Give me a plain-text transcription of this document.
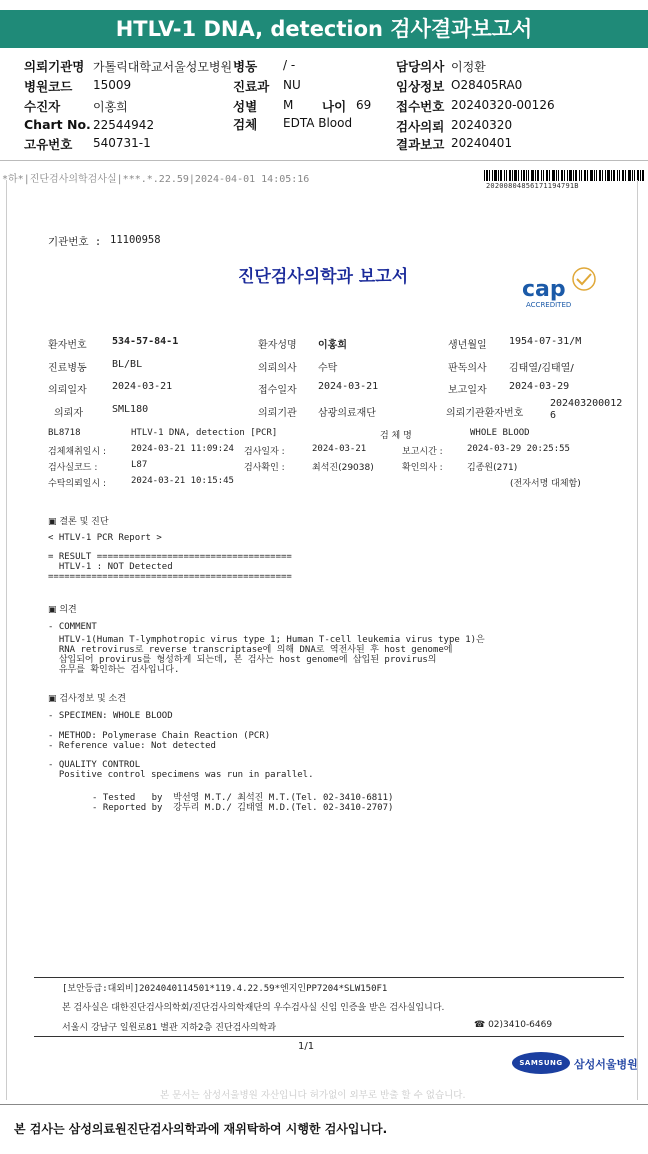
HTLV-1 DNA, detection 검사결과보고서
의뢰기관명 가톨릭대학교서울성모병원 병동 / -	담당의사 이정환
병원코드 15009	진료과 NU	임상정보 O28405RA0
수진자	이홍희	성별 M 나이 69 접수번호 20240320-00126
Chart No. 22544942	검체 EDTA Blood	검사의뢰 20240320
고유번호 540731-1	결과보고 20240401
*하*|진단검사의학검사실|***.*.22.59|2024-04-01 14:05:16
20200804856171194791B
기관번호 : 11100958
진단검사의학과 보고서	cap
ACCREDITED
환자번호	534-57-84-1	환자성명 이홍희	생년월일 1954-07-31/M
진료병동	BL/BL	의뢰의사 수탁	판독의사 김태열/김태열/
의뢰일자	2024-03-21	접수일자 2024-03-21	보고일자 2024-03-29
의뢰자	SML180	의뢰기관 삼광의료재단	의뢰기관환자번호
202403200012
6
BL8718	HTLV-1 DNA, detection [PCR]	검 체 명	WHOLE BLOOD
검체채취일시 :	2024-03-21 11:09:24 검사일자 :	2024-03-21	보고시간 :	2024-03-29 20:25:55
검사실코드 :	L87	검사확인 :	최석진(29038)	확인의사 :	김종원(271)
수탁의뢰일시 :	2024-03-21 10:15:45	(전자서명 대체함)
▣ 결론 및 진단
< HTLV-1 PCR Report >
= RESULT ====================================
HTLV-1 : NOT Detected
=============================================
▣ 의견
- COMMENT
HTLV-1(Human T-lymphotropic virus type 1; Human T-cell leukemia virus type 1)은
RNA retrovirus로 reverse transcriptase에 의해 DNA로 역전사된 후 host genome에
삽입되어 provirus를 형성하게 되는데, 본 검사는 host genome에 삽입된 provirus의
유무를 확인하는 검사입니다.
▣ 검사정보 및 소견
- SPECIMEN: WHOLE BLOOD
- METHOD: Polymerase Chain Reaction (PCR)
- Reference value: Not detected
- QUALITY CONTROL
Positive control specimens was run in parallel.
- Tested   by  박선영 M.T./ 최석진 M.T.(Tel. 02-3410-6811)
- Reported by  강두리 M.D./ 김태열 M.D.(Tel. 02-3410-2707)
[보안등급:대외비]2024040114501*119.4.22.59*엔지인PP7204*SLW150F1
본 검사실은 대한진단검사의학회/진단검사의학재단의 우수검사실 신임 인증을 받은 검사실입니다.
서울시 강남구 일원로81 별관 지하2층 진단검사의학과	☎ 02)3410-6469
1/1
SAMSUNG	삼성서울병원
본 문서는 삼성서울병원 자산입니다 허가없이 외부로 반출 할 수 없습니다.
본 검사는 삼성의료원진단검사의학과에 재위탁하여 시행한 검사입니다.
